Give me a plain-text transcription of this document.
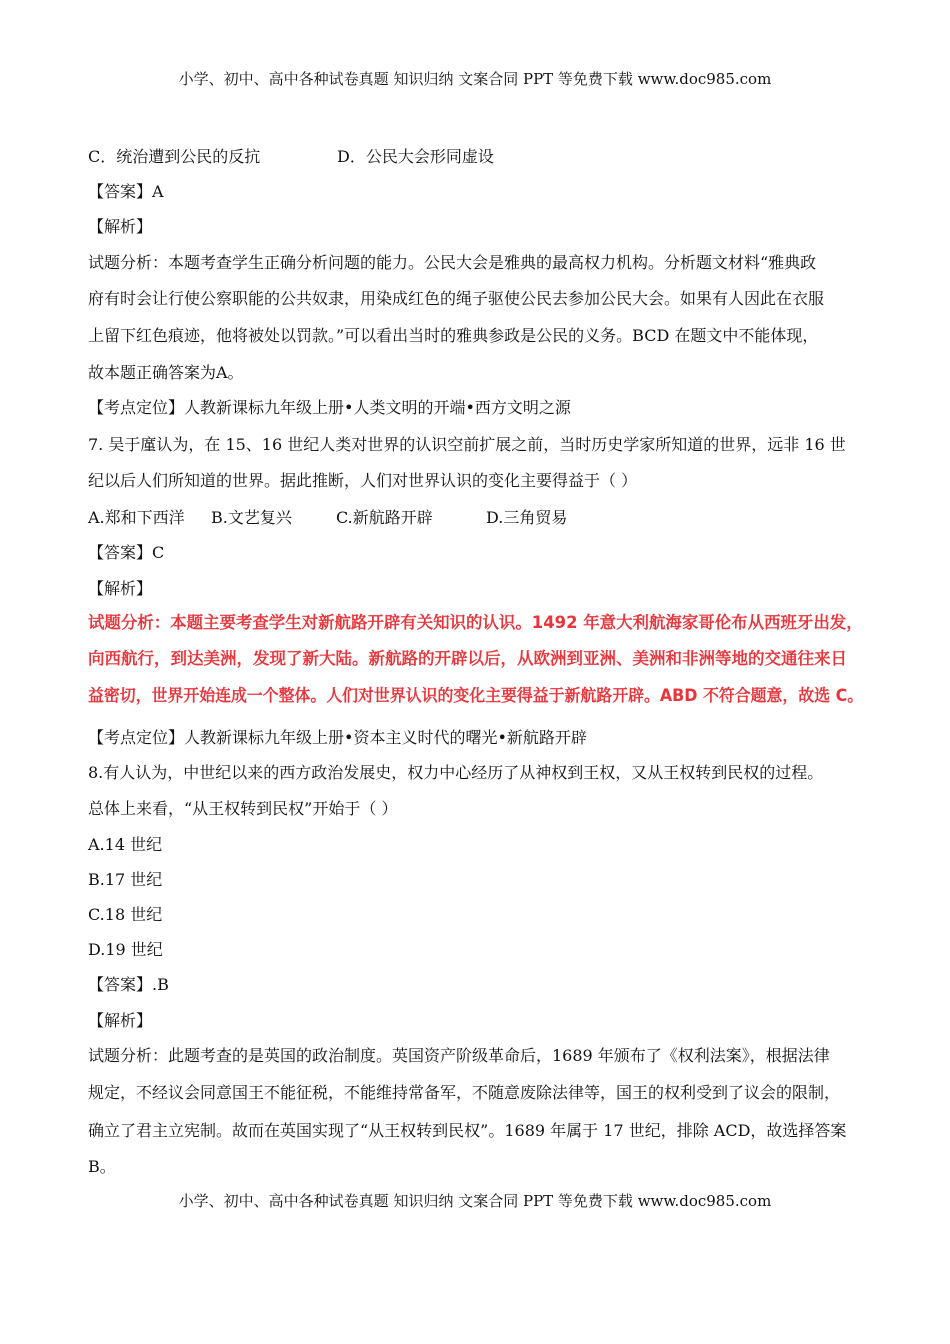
小学、初中、高中各种试卷真题 知识归纳 文案合同 PPT 等免费下载 www.doc985.com
C．统治遭到公民的反抗	D．公民大会形同虚设
【答案】A
【解析】
试题分析：本题考查学生正确分析问题的能力。公民大会是雅典的最高权力机构。分析题文材料“雅典政
府有时会让行使公察职能的公共奴隶，用染成红色的绳子驱使公民去参加公民大会。如果有人因此在衣服
上留下红色痕迹，他将被处以罚款。”可以看出当时的雅典参政是公民的义务。BCD 在题文中不能体现，
故本题正确答案为A。
【考点定位】人教新课标九年级上册•人类文明的开端•西方文明之源
7. 吴于廑认为，在 15、16 世纪人类对世界的认识空前扩展之前，当时历史学家所知道的世界，远非 16 世
纪以后人们所知道的世界。据此推断，人们对世界认识的变化主要得益于（ ）
A.郑和下西洋 B.文艺复兴	C.新航路开辟	D.三角贸易
【答案】C
【解析】
试题分析：本题主要考查学生对新航路开辟有关知识的认识。1492 年意大利航海家哥伦布从西班牙出发，
向西航行，到达美洲，发现了新大陆。新航路的开辟以后，从欧洲到亚洲、美洲和非洲等地的交通往来日
益密切，世界开始连成一个整体。人们对世界认识的变化主要得益于新航路开辟。ABD 不符合题意，故选 C。
【考点定位】人教新课标九年级上册•资本主义时代的曙光•新航路开辟
8.有人认为，中世纪以来的西方政治发展史，权力中心经历了从神权到王权，又从王权转到民权的过程。
总体上来看，“从王权转到民权”开始于（ ）
A.14 世纪
B.17 世纪
C.18 世纪
D.19 世纪
【答案】.B
【解析】
试题分析：此题考查的是英国的政治制度。英国资产阶级革命后，1689 年颁布了《权利法案》，根据法律
规定，不经议会同意国王不能征税，不能维持常备军，不随意废除法律等，国王的权利受到了议会的限制，
确立了君主立宪制。故而在英国实现了“从王权转到民权”。1689 年属于 17 世纪，排除 ACD，故选择答案
B。
小学、初中、高中各种试卷真题 知识归纳 文案合同 PPT 等免费下载 www.doc985.com
